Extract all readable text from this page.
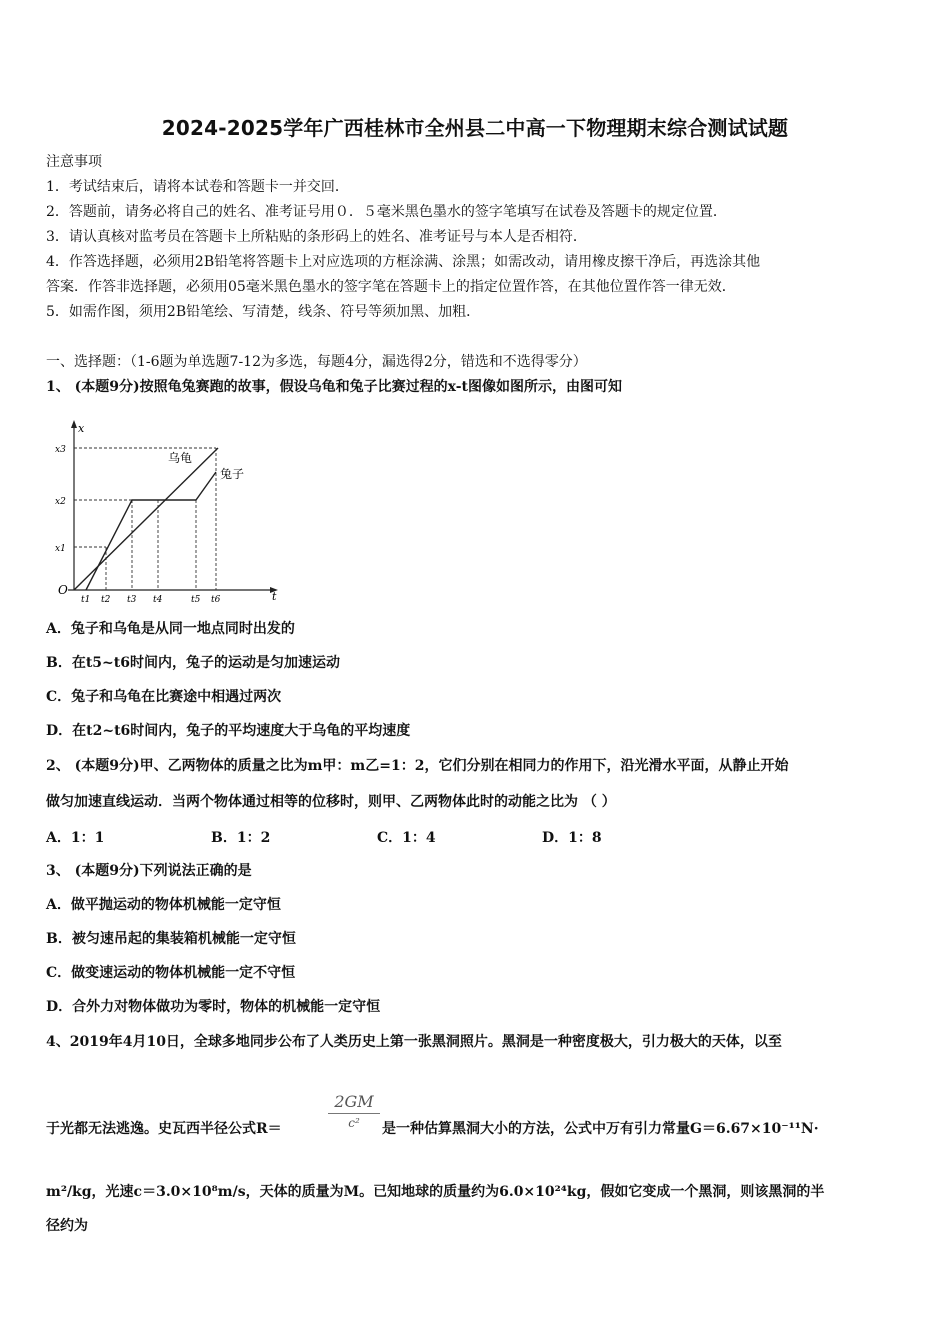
2024-2025学年广西桂林市全州县二中高一下物理期末综合测试试题
注意事项
1．考试结束后，请将本试卷和答题卡一并交回．
2．答题前，请务必将自己的姓名、准考证号用０．５毫米黑色墨水的签字笔填写在试卷及答题卡的规定位置．
3．请认真核对监考员在答题卡上所粘贴的条形码上的姓名、准考证号与本人是否相符．
4．作答选择题，必须用2B铅笔将答题卡上对应选项的方框涂满、涂黑；如需改动，请用橡皮擦干净后，再选涂其他
答案．作答非选择题，必须用05毫米黑色墨水的签字笔在答题卡上的指定位置作答，在其他位置作答一律无效．
5．如需作图，须用2B铅笔绘、写清楚，线条、符号等须加黑、加粗．
一、选择题：（1-6题为单选题7-12为多选，每题4分，漏选得2分，错选和不选得零分）
1、 (本题9分)按照龟兔赛跑的故事，假设乌龟和兔子比赛过程的x-t图像如图所示，由图可知
x
t
O
乌龟
兔子
x3
x2
x1
t1 t2 t3 t4	t5 t6
A．兔子和乌龟是从同一地点同时出发的
B．在t5~t6时间内，兔子的运动是匀加速运动
C．兔子和乌龟在比赛途中相遇过两次
D．在t2~t6时间内，兔子的平均速度大于乌龟的平均速度
2、 (本题9分)甲、乙两物体的质量之比为m甲：m乙=1：2，它们分别在相同力的作用下，沿光滑水平面，从静止开始
做匀加速直线运动．当两个物体通过相等的位移时，则甲、乙两物体此时的动能之比为 （ ）
A．1：1	B．1：2	C．1：4	D．1：8
3、 (本题9分)下列说法正确的是
A．做平抛运动的物体机械能一定守恒
B．被匀速吊起的集装箱机械能一定守恒
C．做变速运动的物体机械能一定不守恒
D．合外力对物体做功为零时，物体的机械能一定守恒
4、2019年4月10日，全球多地同步公布了人类历史上第一张黑洞照片。黑洞是一种密度极大，引力极大的天体，以至
于光都无法逃逸。史瓦西半径公式R＝
2GM
c²	是一种估算黑洞大小的方法，公式中万有引力常量G＝6.67×10⁻¹¹N·
m²/kg，光速c＝3.0×10⁸m/s，天体的质量为M。已知地球的质量约为6.0×10²⁴kg，假如它变成一个黑洞，则该黑洞的半
径约为
